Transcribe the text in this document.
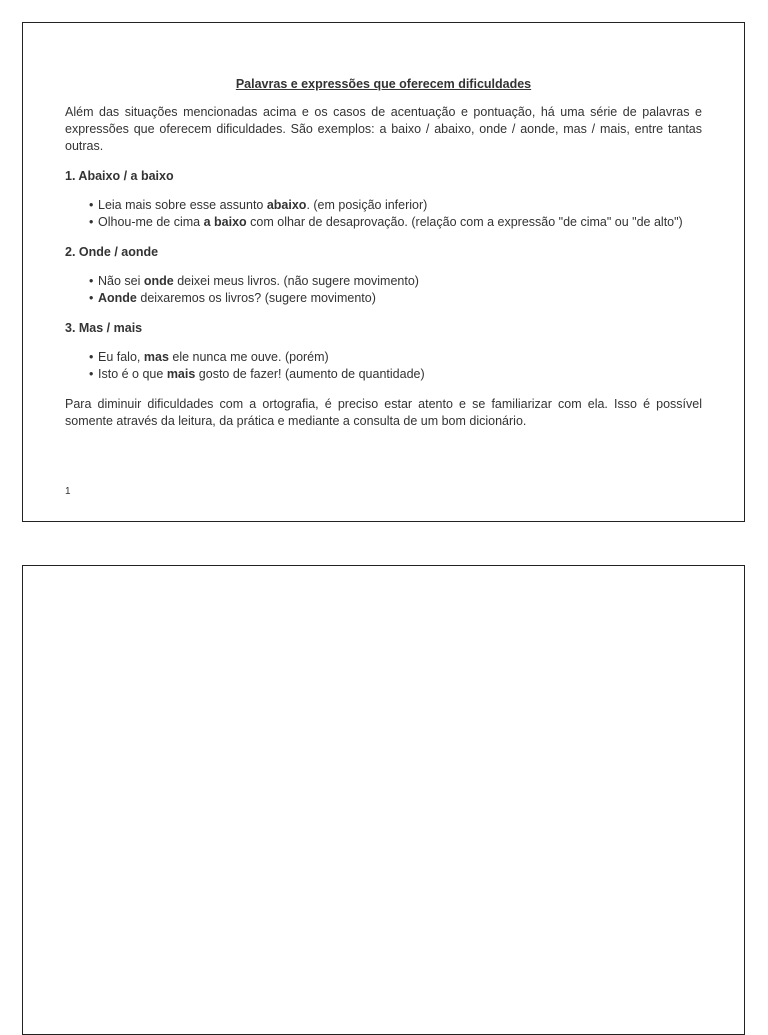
Palavras e expressões que oferecem dificuldades

Além das situações mencionadas acima e os casos de acentuação e pontuação, há uma série de palavras e expressões que oferecem dificuldades. São exemplos: a baixo / abaixo, onde / aonde, mas / mais, entre tantas outras.

1. Abaixo / a baixo
• Leia mais sobre esse assunto abaixo. (em posição inferior)
• Olhou-me de cima a baixo com olhar de desaprovação. (relação com a expressão "de cima" ou "de alto")
2. Onde / aonde
• Não sei onde deixei meus livros. (não sugere movimento)
• Aonde deixaremos os livros? (sugere movimento)
3. Mas / mais
• Eu falo, mas ele nunca me ouve. (porém)
• Isto é o que mais gosto de fazer! (aumento de quantidade)

Para diminuir dificuldades com a ortografia, é preciso estar atento e se familiarizar com ela. Isso é possível somente através da leitura, da prática e mediante a consulta de um bom dicionário.

1
